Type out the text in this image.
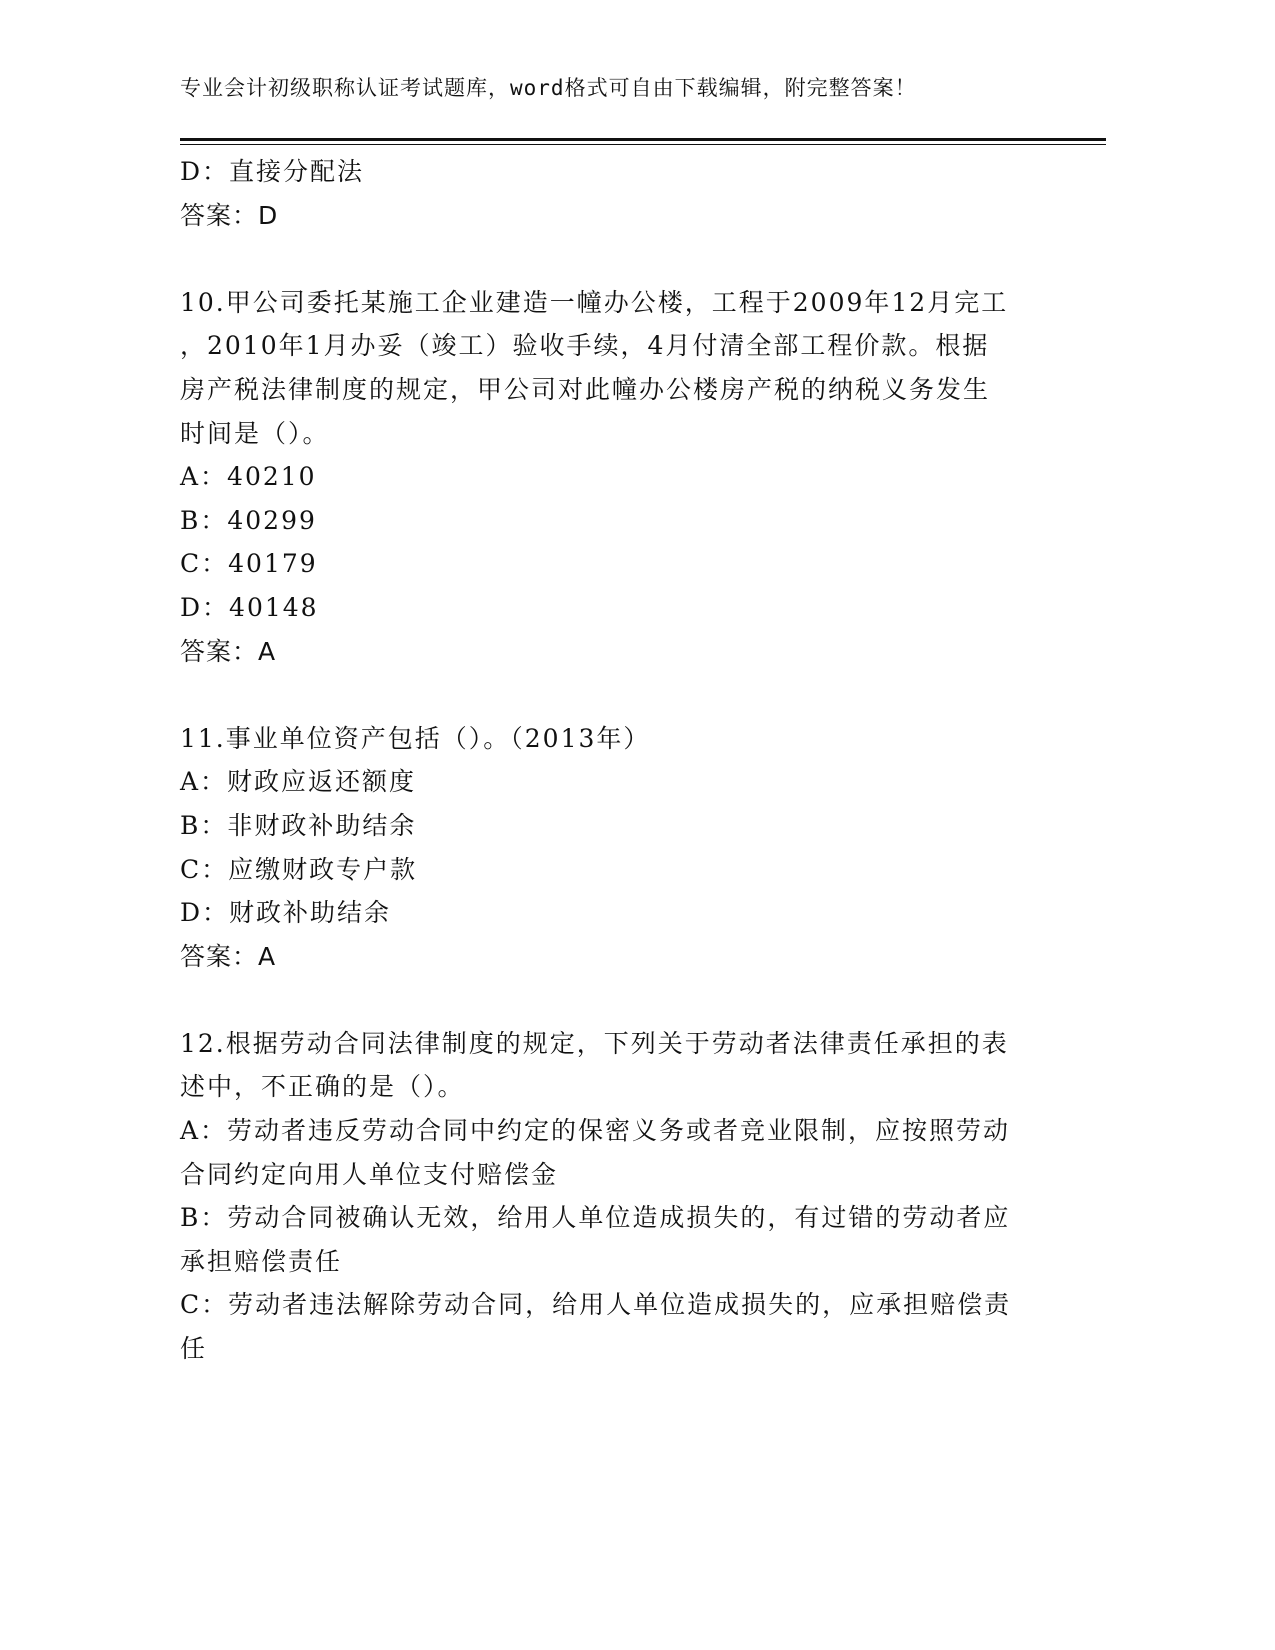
专业会计初级职称认证考试题库，word格式可自由下载编辑，附完整答案！
D：直接分配法
答案：D
10.甲公司委托某施工企业建造一幢办公楼，工程于2009年12月完工
，2010年1月办妥（竣工）验收手续，4月付清全部工程价款。根据
房产税法律制度的规定，甲公司对此幢办公楼房产税的纳税义务发生
时间是（）。
A：40210
B：40299
C：40179
D：40148
答案：A
11.事业单位资产包括（）。（2013年）
A：财政应返还额度
B：非财政补助结余
C：应缴财政专户款
D：财政补助结余
答案：A
12.根据劳动合同法律制度的规定，下列关于劳动者法律责任承担的表
述中，不正确的是（）。
A：劳动者违反劳动合同中约定的保密义务或者竞业限制，应按照劳动
合同约定向用人单位支付赔偿金
B：劳动合同被确认无效，给用人单位造成损失的，有过错的劳动者应
承担赔偿责任
C：劳动者违法解除劳动合同，给用人单位造成损失的，应承担赔偿责
任
